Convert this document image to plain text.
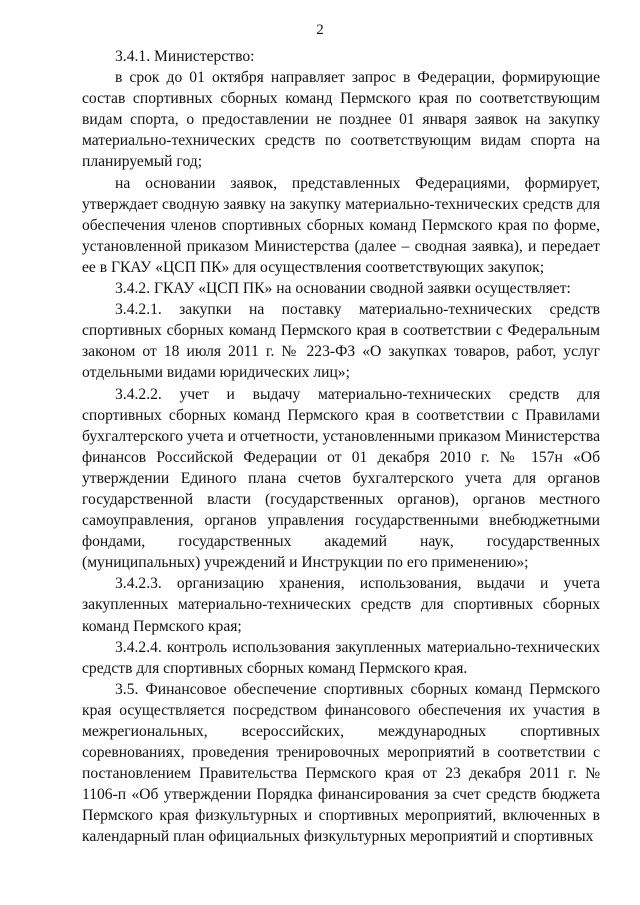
2

3.4.1. Министерство:

в срок до 01 октября направляет запрос в Федерации, формирующие состав спортивных сборных команд Пермского края по соответствующим видам спорта, о предоставлении не позднее 01 января заявок на закупку материально-технических средств по соответствующим видам спорта на планируемый год;

на основании заявок, представленных Федерациями, формирует, утверждает сводную заявку на закупку материально-технических средств для обеспечения членов спортивных сборных команд Пермского края по форме, установленной приказом Министерства (далее – сводная заявка), и передает ее в ГКАУ «ЦСП ПК» для осуществления соответствующих закупок;

3.4.2. ГКАУ «ЦСП ПК» на основании сводной заявки осуществляет:

3.4.2.1. закупки на поставку материально-технических средств спортивных сборных команд Пермского края в соответствии с Федеральным законом от 18 июля 2011 г. № 223-ФЗ «О закупках товаров, работ, услуг отдельными видами юридических лиц»;

3.4.2.2. учет и выдачу материально-технических средств для спортивных сборных команд Пермского края в соответствии с Правилами бухгалтерского учета и отчетности, установленными приказом Министерства финансов Российской Федерации от 01 декабря 2010 г. № 157н «Об утверждении Единого плана счетов бухгалтерского учета для органов государственной власти (государственных органов), органов местного самоуправления, органов управления государственными внебюджетными фондами, государственных академий наук, государственных (муниципальных) учреждений и Инструкции по его применению»;

3.4.2.3. организацию хранения, использования, выдачи и учета закупленных материально-технических средств для спортивных сборных команд Пермского края;

3.4.2.4. контроль использования закупленных материально-технических средств для спортивных сборных команд Пермского края.

3.5. Финансовое обеспечение спортивных сборных команд Пермского края осуществляется посредством финансового обеспечения их участия в межрегиональных, всероссийских, международных спортивных соревнованиях, проведения тренировочных мероприятий в соответствии с постановлением Правительства Пермского края от 23 декабря 2011 г. № 1106-п «Об утверждении Порядка финансирования за счет средств бюджета Пермского края физкультурных и спортивных мероприятий, включенных в календарный план официальных физкультурных мероприятий и спортивных
